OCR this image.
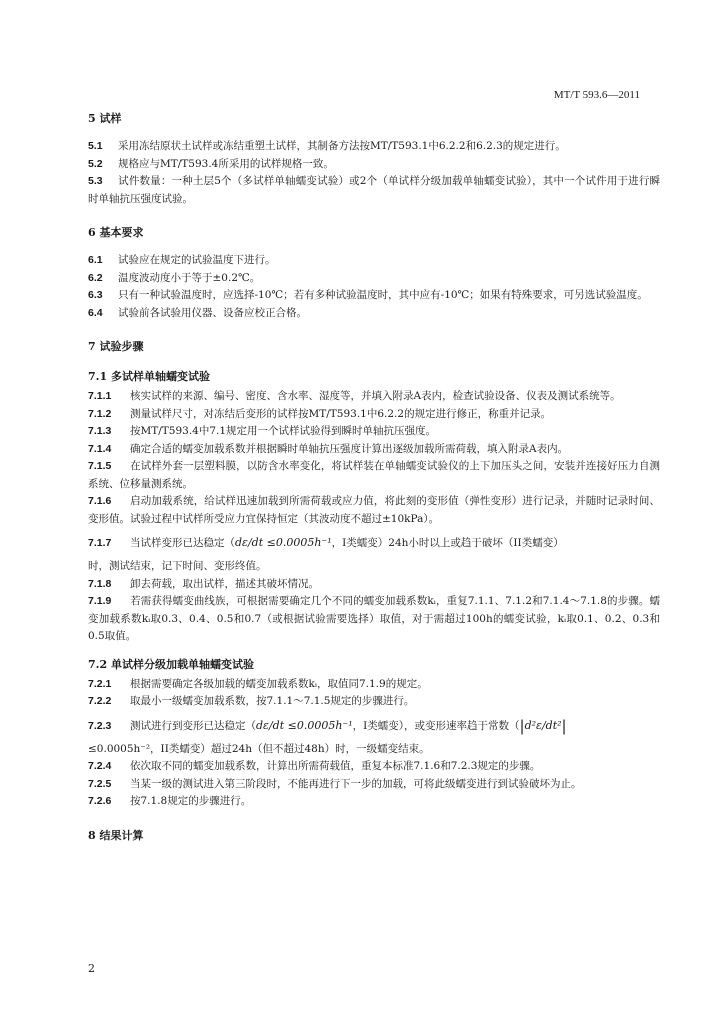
MT/T 593.6—2011
5 试样

5.1 采用冻结原状土试样或冻结重塑土试样，其制备方法按MT/T593.1中6.2.2和6.2.3的规定进行。

5.2 规格应与MT/T593.4所采用的试样规格一致。

5.3 试件数量：一种土层5个（多试样单轴蠕变试验）或2个（单试样分级加载单轴蠕变试验），其中一个试件用于进行瞬时单轴抗压强度试验。

6 基本要求

6.1 试验应在规定的试验温度下进行。

6.2 温度波动度小于等于±0.2℃。

6.3 只有一种试验温度时，应选择-10℃；若有多种试验温度时，其中应有-10℃；如果有特殊要求，可另选试验温度。

6.4 试验前各试验用仪器、设备应校正合格。

7 试验步骤
7.1 多试样单轴蠕变试验

7.1.1 核实试样的来源、编号、密度、含水率、湿度等，并填入附录A表内，检查试验设备、仪表及测试系统等。

7.1.2 测量试样尺寸，对冻结后变形的试样按MT/T593.1中6.2.2的规定进行修正，称重并记录。

7.1.3 按MT/T593.4中7.1规定用一个试样试验得到瞬时单轴抗压强度。

7.1.4 确定合适的蠕变加载系数并根据瞬时单轴抗压强度计算出逐级加载所需荷载，填入附录A表内。

7.1.5 在试样外套一层塑料膜，以防含水率变化，将试样装在单轴蠕变试验仪的上下加压头之间，安装并连接好压力自测系统、位移量测系统。

7.1.6 启动加载系统，给试样迅速加载到所需荷载或应力值，将此刻的变形值（弹性变形）进行记录，并随时记录时间、变形值。试验过程中试样所受应力宜保持恒定（其波动度不超过±10kPa）。

7.1.7 当试样变形已达稳定（dε/dt ≤0.0005h⁻¹，I类蠕变）24h小时以上或趋于破坏（II类蠕变）

时，测试结束，记下时间、变形终值。

7.1.8 卸去荷载，取出试样，描述其破坏情况。

7.1.9 若需获得蠕变曲线族，可根据需要确定几个不同的蠕变加载系数kᵢ，重复7.1.1、7.1.2和7.1.4～7.1.8的步骤。蠕变加载系数kᵢ取0.3、0.4、0.5和0.7（或根据试验需要选择）取值，对于需超过100h的蠕变试验，kᵢ取0.1、0.2、0.3和0.5取值。

7.2 单试样分级加载单轴蠕变试验

7.2.1 根据需要确定各级加载的蠕变加载系数kᵢ，取值同7.1.9的规定。

7.2.2 取最小一级蠕变加载系数，按7.1.1～7.1.5规定的步骤进行。

7.2.3 测试进行到变形已达稳定（dε/dt ≤0.0005h⁻¹，I类蠕变），或变形速率趋于常数（|d²ε/dt²|

≤0.0005h⁻²，II类蠕变）超过24h（但不超过48h）时，一级蠕变结束。

7.2.4 依次取不同的蠕变加载系数，计算出所需荷载值，重复本标准7.1.6和7.2.3规定的步骤。

7.2.5 当某一级的测试进入第三阶段时，不能再进行下一步的加载，可将此级蠕变进行到试验破坏为止。

7.2.6 按7.1.8规定的步骤进行。

8 结果计算
2
